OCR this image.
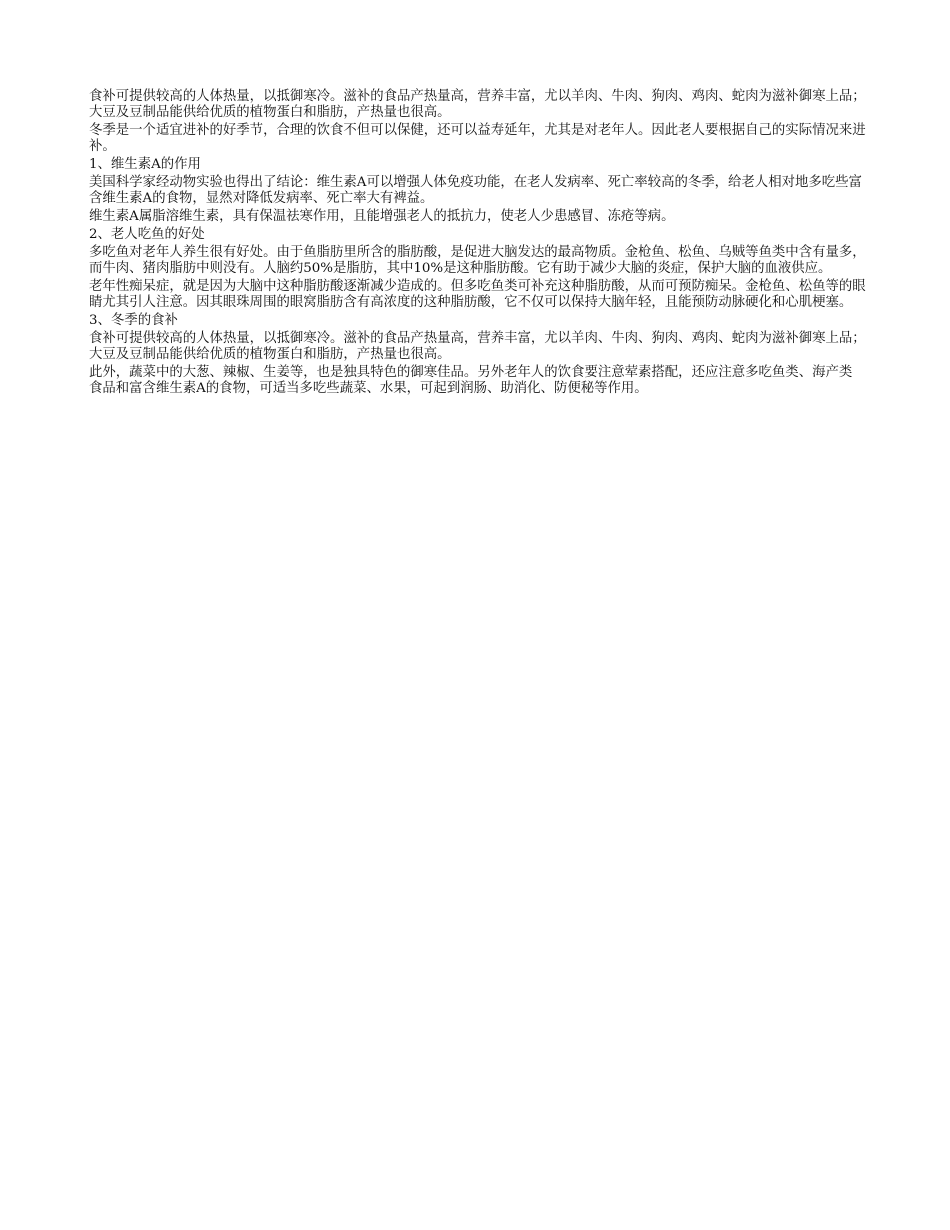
食补可提供较高的人体热量，以抵御寒冷。滋补的食品产热量高，营养丰富，尤以羊肉、牛肉、狗肉、鸡肉、蛇肉为滋补御寒上品；大豆及豆制品能供给优质的植物蛋白和脂肪，产热量也很高。

冬季是一个适宜进补的好季节，合理的饮食不但可以保健，还可以益寿延年，尤其是对老年人。因此老人要根据自己的实际情况来进补。

1、维生素A的作用

美国科学家经动物实验也得出了结论：维生素A可以增强人体免疫功能，在老人发病率、死亡率较高的冬季，给老人相对地多吃些富含维生素A的食物，显然对降低发病率、死亡率大有裨益。

维生素A属脂溶维生素，具有保温祛寒作用，且能增强老人的抵抗力，使老人少患感冒、冻疮等病。

2、老人吃鱼的好处

多吃鱼对老年人养生很有好处。由于鱼脂肪里所含的脂肪酸，是促进大脑发达的最高物质。金枪鱼、松鱼、乌贼等鱼类中含有量多，而牛肉、猪肉脂肪中则没有。人脑约50%是脂肪，其中10%是这种脂肪酸。它有助于减少大脑的炎症，保护大脑的血液供应。

老年性痴呆症，就是因为大脑中这种脂肪酸逐渐减少造成的。但多吃鱼类可补充这种脂肪酸，从而可预防痴呆。金枪鱼、松鱼等的眼睛尤其引人注意。因其眼珠周围的眼窝脂肪含有高浓度的这种脂肪酸，它不仅可以保持大脑年轻，且能预防动脉硬化和心肌梗塞。

3、冬季的食补

食补可提供较高的人体热量，以抵御寒冷。滋补的食品产热量高，营养丰富，尤以羊肉、牛肉、狗肉、鸡肉、蛇肉为滋补御寒上品；大豆及豆制品能供给优质的植物蛋白和脂肪，产热量也很高。

此外，蔬菜中的大葱、辣椒、生姜等，也是独具特色的御寒佳品。另外老年人的饮食要注意荤素搭配，还应注意多吃鱼类、海产类食品和富含维生素A的食物，可适当多吃些蔬菜、水果，可起到润肠、助消化、防便秘等作用。
